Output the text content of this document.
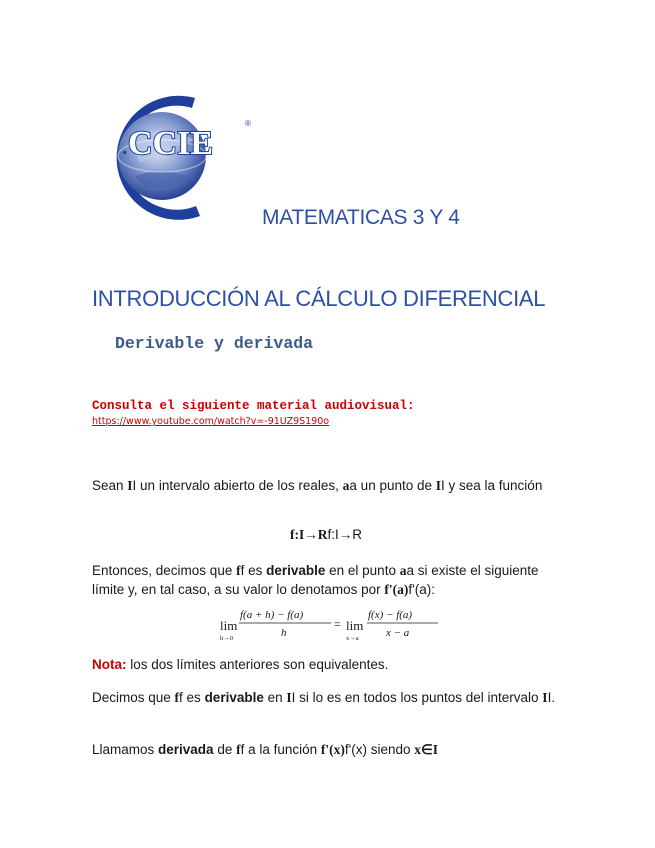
CCIE
®
.
MATEMATICAS 3 Y 4
INTRODUCCIÓN AL CÁLCULO DIFERENCIAL
Derivable y derivada
Consulta el siguiente material audiovisual:
https://www.youtube.com/watch?v=-91UZ9S190o
Sean II un intervalo abierto de los reales, aa un punto de II y sea la función
f:I→Rf:I→R
Entonces, decimos que ff es derivable en el punto aa si existe el siguiente límite y, en tal caso, a su valor lo denotamos por f'(a)f'(a):
lim
h→0
f(a + h) − f(a)
h
= lim
x→a
f(x) − f(a)
x − a
Nota: los dos límites anteriores son equivalentes.
Decimos que ff es derivable en II si lo es en todos los puntos del intervalo II.
Llamamos derivada de ff a la función f'(x)f'(x) siendo x∈I
